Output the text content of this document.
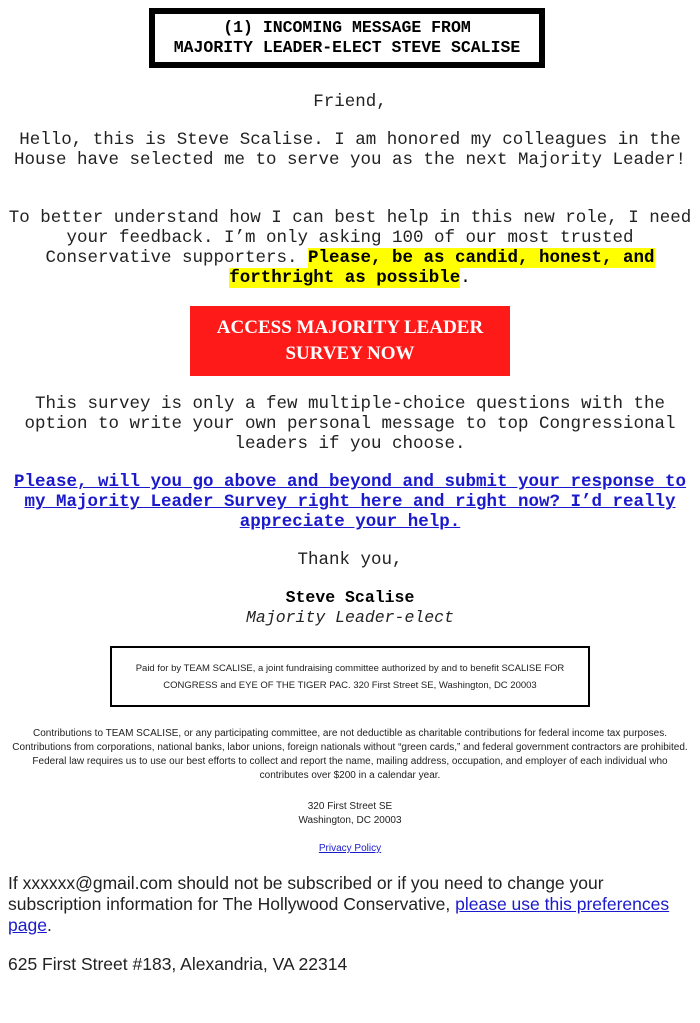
(1) INCOMING MESSAGE FROM
MAJORITY LEADER-ELECT STEVE SCALISE

Friend,

Hello, this is Steve Scalise. I am honored my colleagues in the House have selected me to serve you as the next Majority Leader!

To better understand how I can best help in this new role, I need your feedback. I’m only asking 100 of our most trusted Conservative supporters. Please, be as candid, honest, and forthright as possible.

ACCESS MAJORITY LEADER
SURVEY NOW

This survey is only a few multiple-choice questions with the option to write your own personal message to top Congressional leaders if you choose.

Please, will you go above and beyond and submit your response to my Majority Leader Survey right here and right now? I’d really appreciate your help.

Thank you,

Steve Scalise
Majority Leader-elect
Paid for by TEAM SCALISE, a joint fundraising committee authorized by and to benefit SCALISE FOR CONGRESS and EYE OF THE TIGER PAC. 320 First Street SE, Washington, DC 20003

Contributions to TEAM SCALISE, or any participating committee, are not deductible as charitable contributions for federal income tax purposes. Contributions from corporations, national banks, labor unions, foreign nationals without “green cards,” and federal government contractors are prohibited. Federal law requires us to use our best efforts to collect and report the name, mailing address, occupation, and employer of each individual who contributes over $200 in a calendar year.

320 First Street SE
Washington, DC 20003

Privacy Policy

If xxxxxx@gmail.com should not be subscribed or if you need to change your subscription information for The Hollywood Conservative, please use this preferences page.

625 First Street #183, Alexandria, VA 22314
